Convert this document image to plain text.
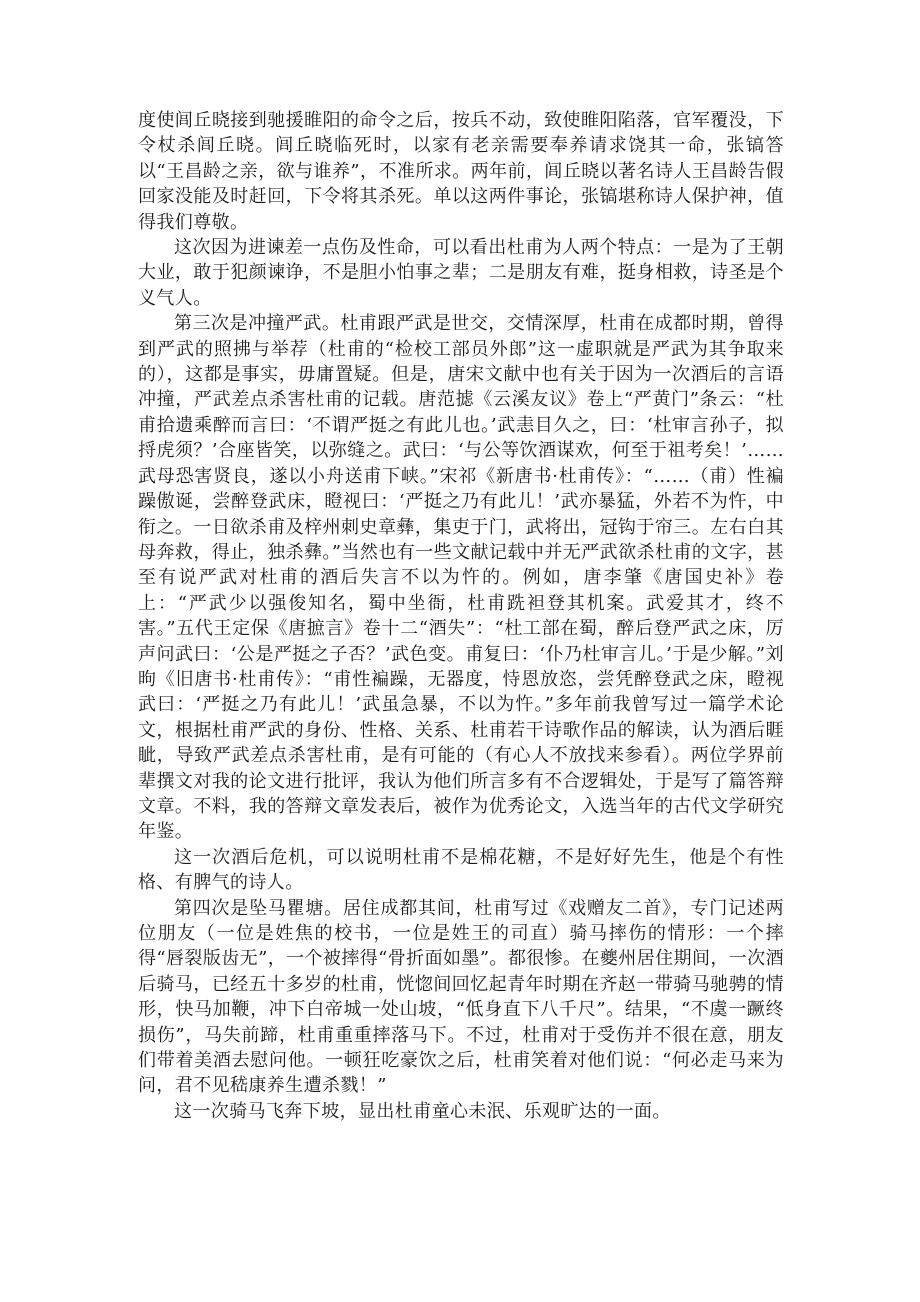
度使闾丘晓接到驰援睢阳的命令之后，按兵不动，致使睢阳陷落，官军覆没，下令杖杀闾丘晓。闾丘晓临死时，以家有老亲需要奉养请求饶其一命，张镐答以“王昌龄之亲，欲与谁养”，不准所求。两年前，闾丘晓以著名诗人王昌龄告假回家没能及时赶回，下令将其杀死。单以这两件事论，张镐堪称诗人保护神，值得我们尊敬。

这次因为进谏差一点伤及性命，可以看出杜甫为人两个特点：一是为了王朝大业，敢于犯颜谏诤，不是胆小怕事之辈；二是朋友有难，挺身相救，诗圣是个义气人。

第三次是冲撞严武。杜甫跟严武是世交，交情深厚，杜甫在成都时期，曾得到严武的照拂与举荐（杜甫的“检校工部员外郎”这一虚职就是严武为其争取来的），这都是事实，毋庸置疑。但是，唐宋文献中也有关于因为一次酒后的言语冲撞，严武差点杀害杜甫的记载。唐范摅《云溪友议》卷上“严黄门”条云：“杜甫拾遗乘醉而言曰：‘不谓严挺之有此儿也。’武恚目久之，曰：‘杜审言孙子，拟捋虎须？’合座皆笑，以弥缝之。武曰：‘与公等饮酒谋欢，何至于祖考矣！’……武母恐害贤良，遂以小舟送甫下峡。”宋祁《新唐书·杜甫传》：“……（甫）性褊躁傲诞，尝醉登武床，瞪视曰：‘严挺之乃有此儿！’武亦暴猛，外若不为忤，中衔之。一日欲杀甫及梓州刺史章彝，集吏于门，武将出，冠钩于帘三。左右白其母奔救，得止，独杀彝。”当然也有一些文献记载中并无严武欲杀杜甫的文字，甚至有说严武对杜甫的酒后失言不以为忤的。例如，唐李肇《唐国史补》卷上：“严武少以强俊知名，蜀中坐衙，杜甫跣袒登其机案。武爱其才，终不害。”五代王定保《唐摭言》卷十二“酒失”：“杜工部在蜀，醉后登严武之床，厉声问武曰：‘公是严挺之子否？’武色变。甫复曰：‘仆乃杜审言儿。’于是少解。”刘昫《旧唐书·杜甫传》：“甫性褊躁，无器度，恃恩放恣，尝凭醉登武之床，瞪视武曰：‘严挺之乃有此儿！’武虽急暴，不以为忤。”多年前我曾写过一篇学术论文，根据杜甫严武的身份、性格、关系、杜甫若干诗歌作品的解读，认为酒后睚眦，导致严武差点杀害杜甫，是有可能的（有心人不放找来参看）。两位学界前辈撰文对我的论文进行批评，我认为他们所言多有不合逻辑处，于是写了篇答辩文章。不料，我的答辩文章发表后，被作为优秀论文，入选当年的古代文学研究年鉴。

这一次酒后危机，可以说明杜甫不是棉花糖，不是好好先生，他是个有性格、有脾气的诗人。

第四次是坠马瞿塘。居住成都其间，杜甫写过《戏赠友二首》，专门记述两位朋友（一位是姓焦的校书，一位是姓王的司直）骑马摔伤的情形：一个摔得“唇裂版齿无”，一个被摔得“骨折面如墨”。都很惨。在夔州居住期间，一次酒后骑马，已经五十多岁的杜甫，恍惚间回忆起青年时期在齐赵一带骑马驰骋的情形，快马加鞭，冲下白帝城一处山坡，“低身直下八千尺”。结果，“不虞一蹶终损伤”，马失前蹄，杜甫重重摔落马下。不过，杜甫对于受伤并不很在意，朋友们带着美酒去慰问他。一顿狂吃豪饮之后，杜甫笑着对他们说：“何必走马来为问，君不见嵇康养生遭杀戮！”

这一次骑马飞奔下坡，显出杜甫童心未泯、乐观旷达的一面。
